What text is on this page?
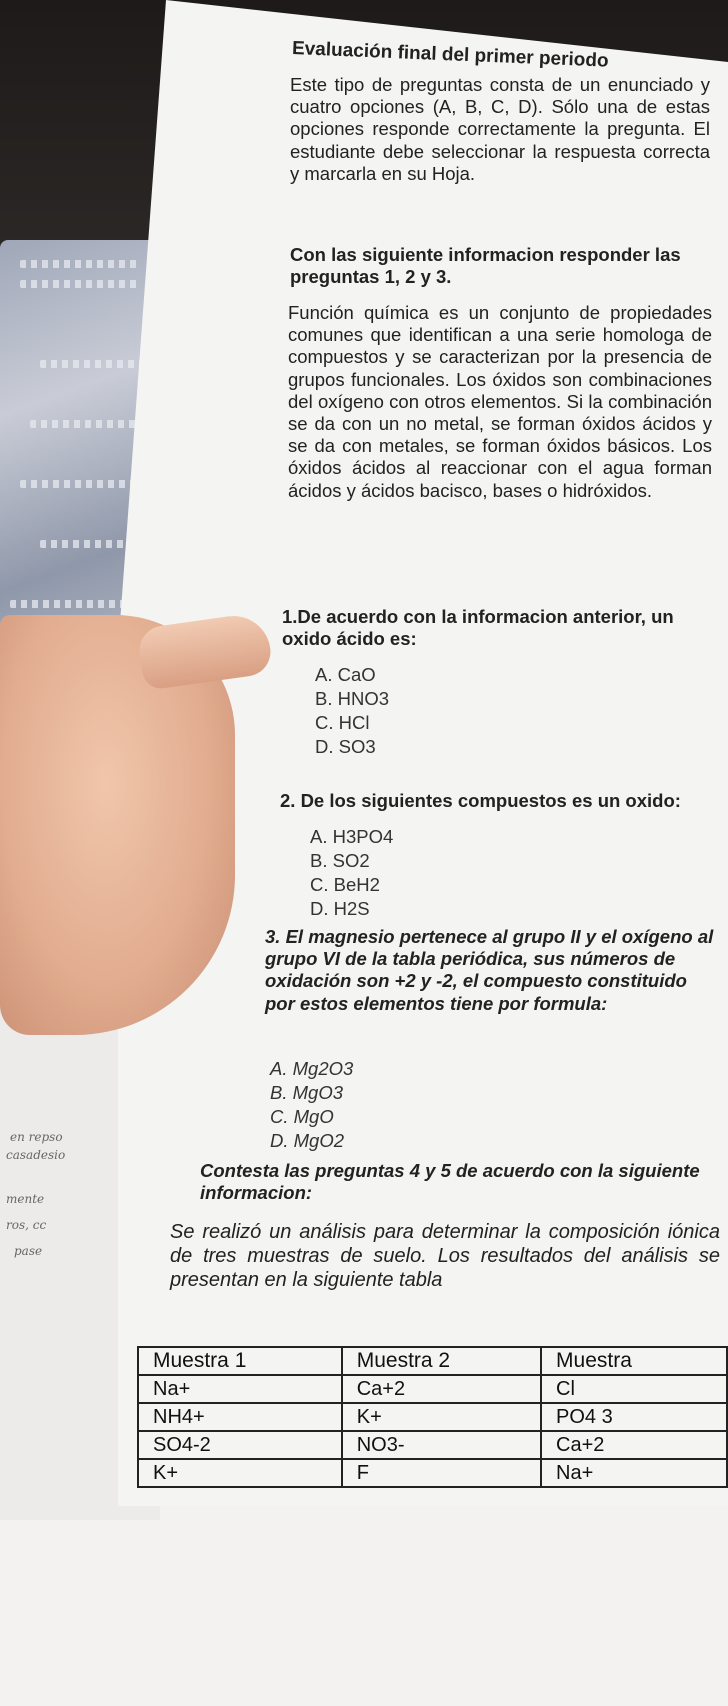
Evaluación final del primer periodo
Este tipo de preguntas consta de un enunciado y cuatro opciones (A, B, C, D). Sólo una de estas opciones responde correctamente la pregunta. El estudiante debe seleccionar la respuesta correcta y marcarla en su Hoja.
Con las siguiente informacion responder las preguntas 1, 2 y 3.
Función química es un conjunto de propiedades comunes que identifican a una serie homologa de compuestos y se caracterizan por la presencia de grupos funcionales. Los óxidos son combinaciones del oxígeno con otros elementos. Si la combinación se da con un no metal, se forman óxidos ácidos y se da con metales, se forman óxidos básicos. Los óxidos ácidos al reaccionar con el agua forman ácidos y ácidos bacisco, bases o hidróxidos.
1.De acuerdo con la informacion anterior, un oxido ácido es:
A. CaO
B. HNO3
C. HCl
D. SO3
2. De los siguientes compuestos es un oxido:
A. H3PO4
B. SO2
C. BeH2
D. H2S
3. El magnesio pertenece al grupo II y el oxígeno al grupo VI de la tabla periódica, sus números de oxidación son +2 y -2, el compuesto constituido por estos elementos tiene por formula:
A. Mg2O3
B. MgO3
C. MgO
D. MgO2
en repso
casadesio
mente
ros, cc
pase
Contesta las preguntas 4 y 5 de acuerdo con la siguiente informacion:
Se realizó un análisis para determinar la composición iónica de tres muestras de suelo. Los resultados del análisis se presentan en la siguiente tabla
Muestra 1	Muestra 2	Muestra
Na+	Ca+2	Cl
NH4+	K+	PO4 3
SO4-2	NO3-	Ca+2
K+	F	Na+
